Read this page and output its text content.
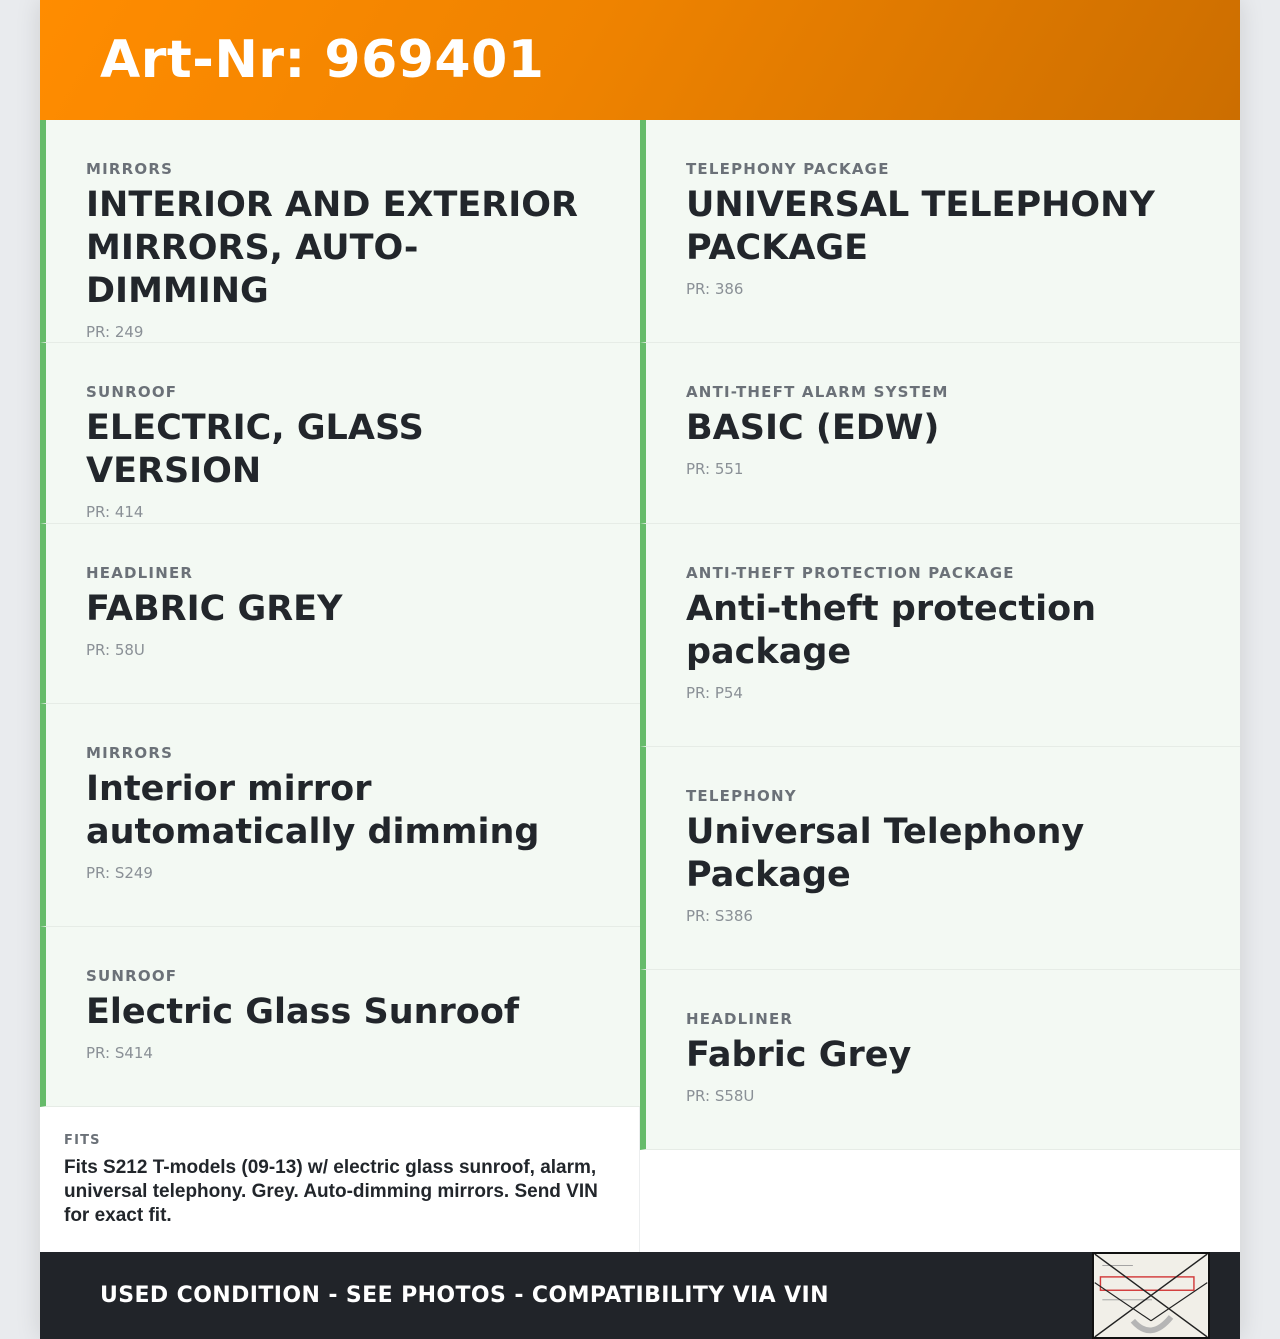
Art-Nr: 969401
MIRRORS
INTERIOR AND EXTERIOR MIRRORS, AUTO-DIMMING
PR: 249
SUNROOF
ELECTRIC, GLASS VERSION
PR: 414
HEADLINER
FABRIC GREY
PR: 58U
MIRRORS
Interior mirror automatically dimming
PR: S249
SUNROOF
Electric Glass Sunroof
PR: S414
FITS
Fits S212 T-models (09-13) w/ electric glass sunroof, alarm, universal telephony. Grey. Auto-dimming mirrors. Send VIN for exact fit.
TELEPHONY PACKAGE
UNIVERSAL TELEPHONY PACKAGE
PR: 386
ANTI-THEFT ALARM SYSTEM
BASIC (EDW)
PR: 551
ANTI-THEFT PROTECTION PACKAGE
Anti-theft protection package
PR: P54
TELEPHONY
Universal Telephony Package
PR: S386
HEADLINER
Fabric Grey
PR: S58U
USED CONDITION - SEE PHOTOS - COMPATIBILITY VIA VIN
